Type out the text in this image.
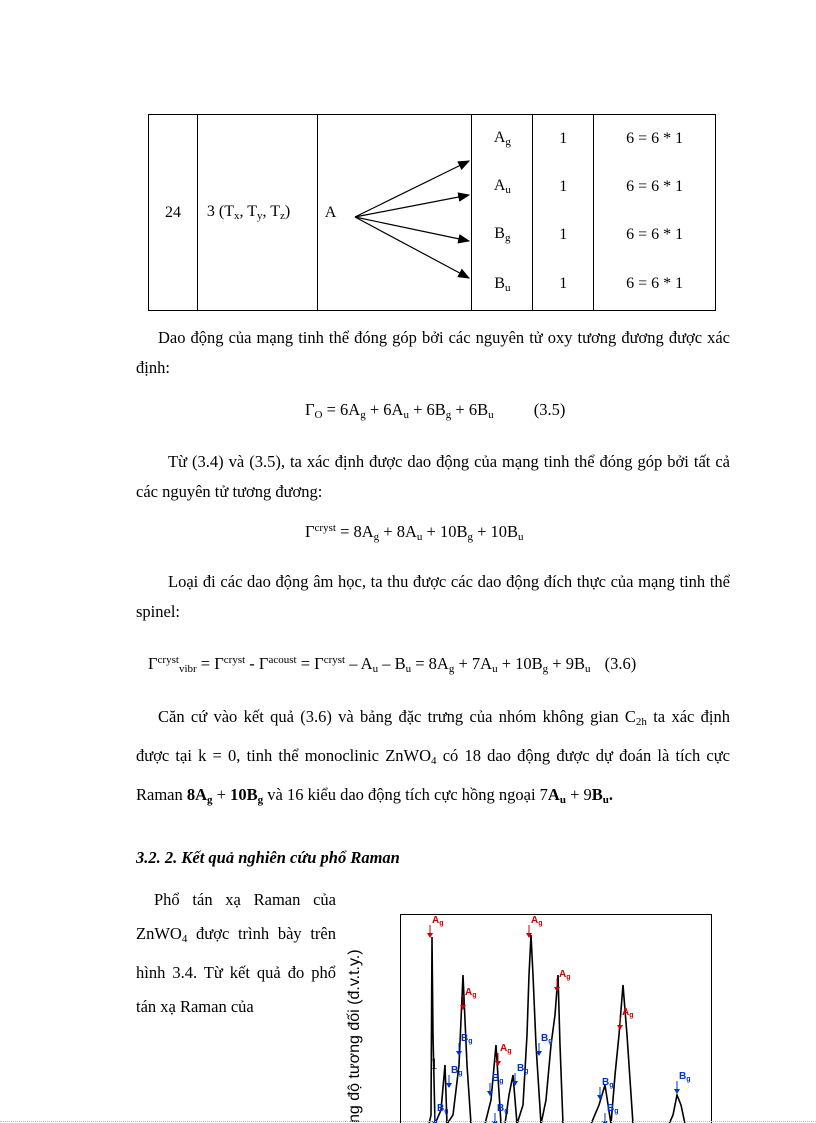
24	3 ($T_x$, $T_y$, $T_z$)	A	$A_g$	1	6 = 6 * 1
			$A_u$	1	6 = 6 * 1
			$B_g$	1	6 = 6 * 1
			$B_u$	1	6 = 6 * 1
Dao động của mạng tinh thể đóng góp bởi các nguyên tử oxy tương đương được xác định:
$\Gamma_O = 6A_g + 6A_u + 6B_g + 6B_u$ (3.5)
Từ (3.4) và (3.5), ta xác định được dao động của mạng tinh thể đóng góp bởi tất cả các nguyên tử tương đương:
$\Gamma^{cryst} = 8A_g + 8A_u + 10B_g + 10B_u$
Loại đi các dao động âm học, ta thu được các dao động đích thực của mạng tinh thể spinel:
$\Gamma^{cryst}_{vibr} = \Gamma^{cryst} - \Gamma^{acoust} = \Gamma^{cryst} - A_u - B_u = 8A_g + 7A_u + 10B_g + 9B_u$ (3.6)
Căn cứ vào kết quả (3.6) và bảng đặc trưng của nhóm không gian $C_{2h}$ ta xác định được tại k = 0, tinh thể monoclinic ZnWO$_4$ có 18 dao động được dự đoán là tích cực Raman $8A_g + 10B_g$ và 16 kiểu dao động tích cực hồng ngoại $7A_u + 9B_u$.
3.2. 2. Kết quả nghiên cứu phổ Raman
Phổ tán xạ Raman của ZnWO$_4$ được trình bày trên hình 3.4. Từ kết quả đo phổ tán xạ Raman của	ng độ tương đối (đ.v.t.y.)	1
$A_g$	$A_g$
$A_g$
$A_g$
$A_g$
$A_g$
$B_g$	$B_g$
$B_g$	$B_g$
$B_g$
$B_g$
$B_g$
$B_g$	$B_g$	$B_g$
